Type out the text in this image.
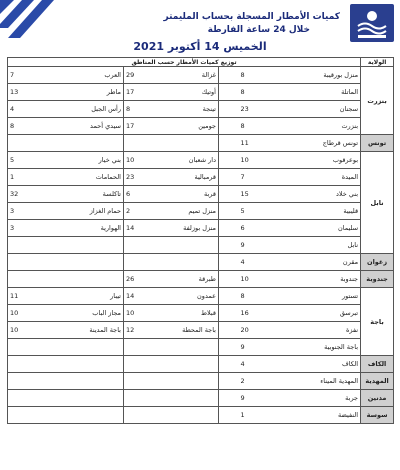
كميات الأمطار المسجلة بحساب المليمتر
خلال 24 ساعة الفارطة
الخميس 14 أكتوبر 2021
توزيع كميات الأمطار حسب المناطق							الولاية
7	العرب	29	غزالة		8	منزل بورقيبة	بنزرت
13	ماطر	17	أوتيك		8	الماتلة	
4	رأس الجبل	8	تينجة		23	سجنان	
8	سيدي أحمد	17	جومين		8	بنزرت	
					11	تونس قرطاج	تونس
5	بني خيار	10	دار شعبان		10	بوعرقوب	نابل
1	الحمامات	23	قرمبالية		7	الميدة	
32	تاكلسة	6	قربة		15	بني خلاد	
3	حمام الغزاز	2	منزل تميم		5	قليبية	
3	الهوارية	14	منزل بوزلفة		6	سليمان	
					9	نابل	
					4	مقرن	زغوان
		26	طبرقة		10	جندوبة	جندوبة
11	تيبار	14	عمدون		8	تستور	باجة
10	مجاز الباب	10	قبلاط		16	تبرسق	
10	باجة المدينة	12	باجة المحطة		20	نفزة	
					9	باجة الجنوبية	
					4	الكاف	الكاف
					2	المهدية الميناء	المهدية
					9	جربة	مدنين
					1	النفيضة	سوسة
